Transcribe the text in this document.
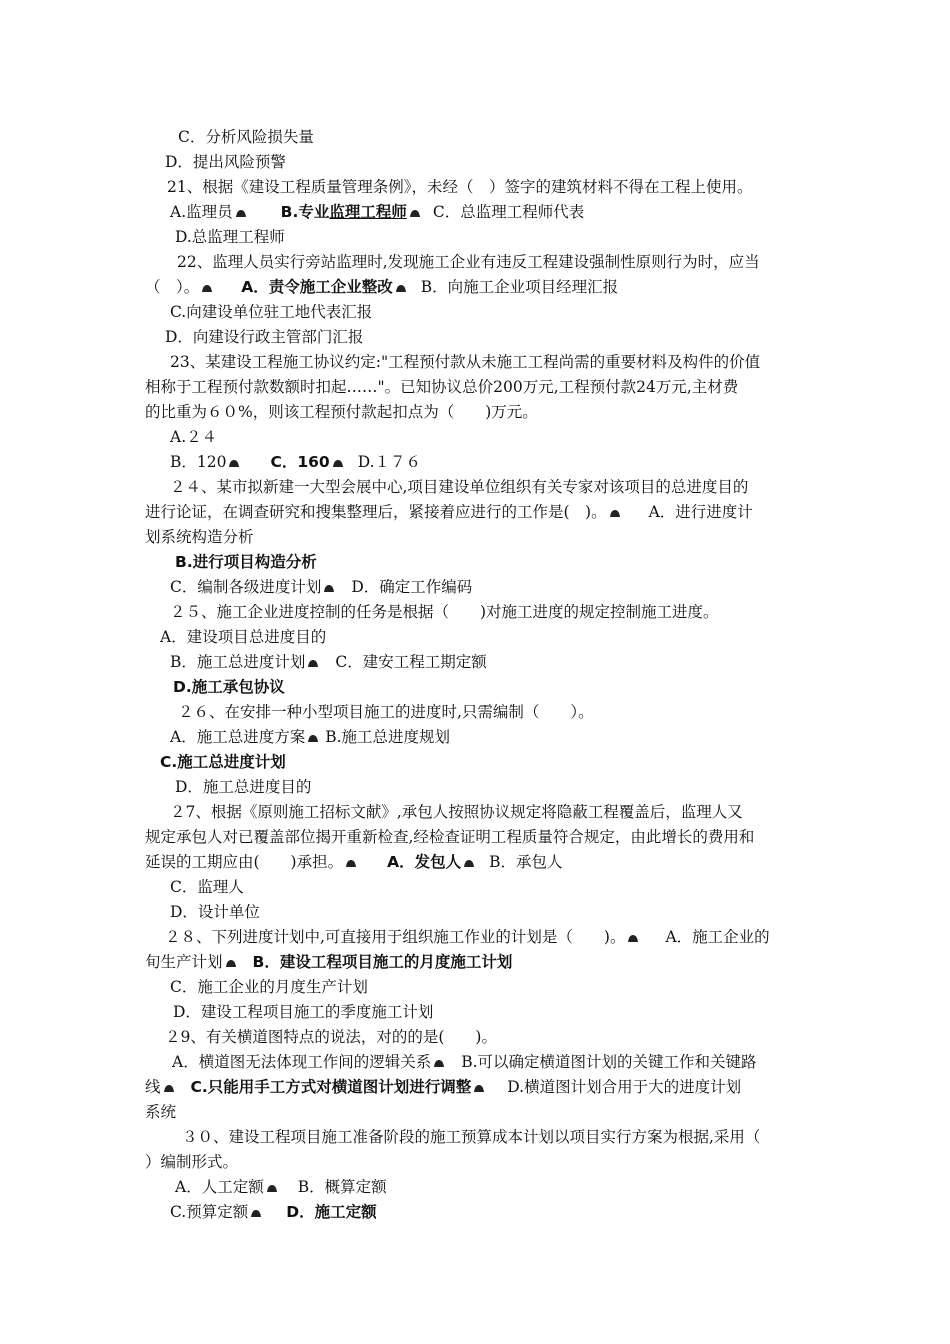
C．分析风险损失量
D．提出风险预警
21、根据《建设工程质量管理条例》，未经（　）签字的建筑材料不得在工程上使用。
A.监理员	B.专业监理工程师 C．总监理工程师代表
D.总监理工程师
22、监理人员实行旁站监理时,发现施工企业有违反工程建设强制性原则行为时，应当
（　）。	A．责令施工企业整改 B．向施工企业项目经理汇报
C.向建设单位驻工地代表汇报
D．向建设行政主管部门汇报
23、某建设工程施工协议约定:"工程预付款从未施工工程尚需的重要材料及构件的价值
相称于工程预付款数额时扣起……"。已知协议总价200万元,工程预付款24万元,主材费
的比重为６０%，则该工程预付款起扣点为（　　)万元。
A.２４
B．120	C．160 D.１７６
２４、某市拟新建一大型会展中心,项目建设单位组织有关专家对该项目的总进度目的
进行论证，在调查研究和搜集整理后，紧接着应进行的工作是(　)。	A．进行进度计
划系统构造分析
B.进行项目构造分析
C．编制各级进度计划 D．确定工作编码
２５、施工企业进度控制的任务是根据（　　)对施工进度的规定控制施工进度。
A．建设项目总进度目的
B．施工总进度计划 C．建安工程工期定额
D.施工承包协议
２６、在安排一种小型项目施工的进度时,只需编制（　　）。
A．施工总进度方案 B.施工总进度规划
C.施工总进度计划
D．施工总进度目的
２7、根据《原则施工招标文献》,承包人按照协议规定将隐蔽工程覆盖后，监理人又
规定承包人对已覆盖部位揭开重新检查,经检查证明工程质量符合规定，由此增长的费用和
延误的工期应由(　　)承担。	A．发包人 B．承包人
C．监理人
D．设计单位
２８、下列进度计划中,可直接用于组织施工作业的计划是（　　)。	A．施工企业的
旬生产计划 B．建设工程项目施工的月度施工计划
C．施工企业的月度生产计划
D．建设工程项目施工的季度施工计划
２9、有关横道图特点的说法，对的的是(　　)。
A．横道图无法体现工作间的逻辑关系 B.可以确定横道图计划的关键工作和关键路
线 C.只能用手工方式对横道图计划进行调整 D.横道图计划合用于大的进度计划
系统
３０、建设工程项目施工准备阶段的施工预算成本计划以项目实行方案为根据,采用（
）编制形式。
A．人工定额 B．概算定额
C.预算定额 D．施工定额
